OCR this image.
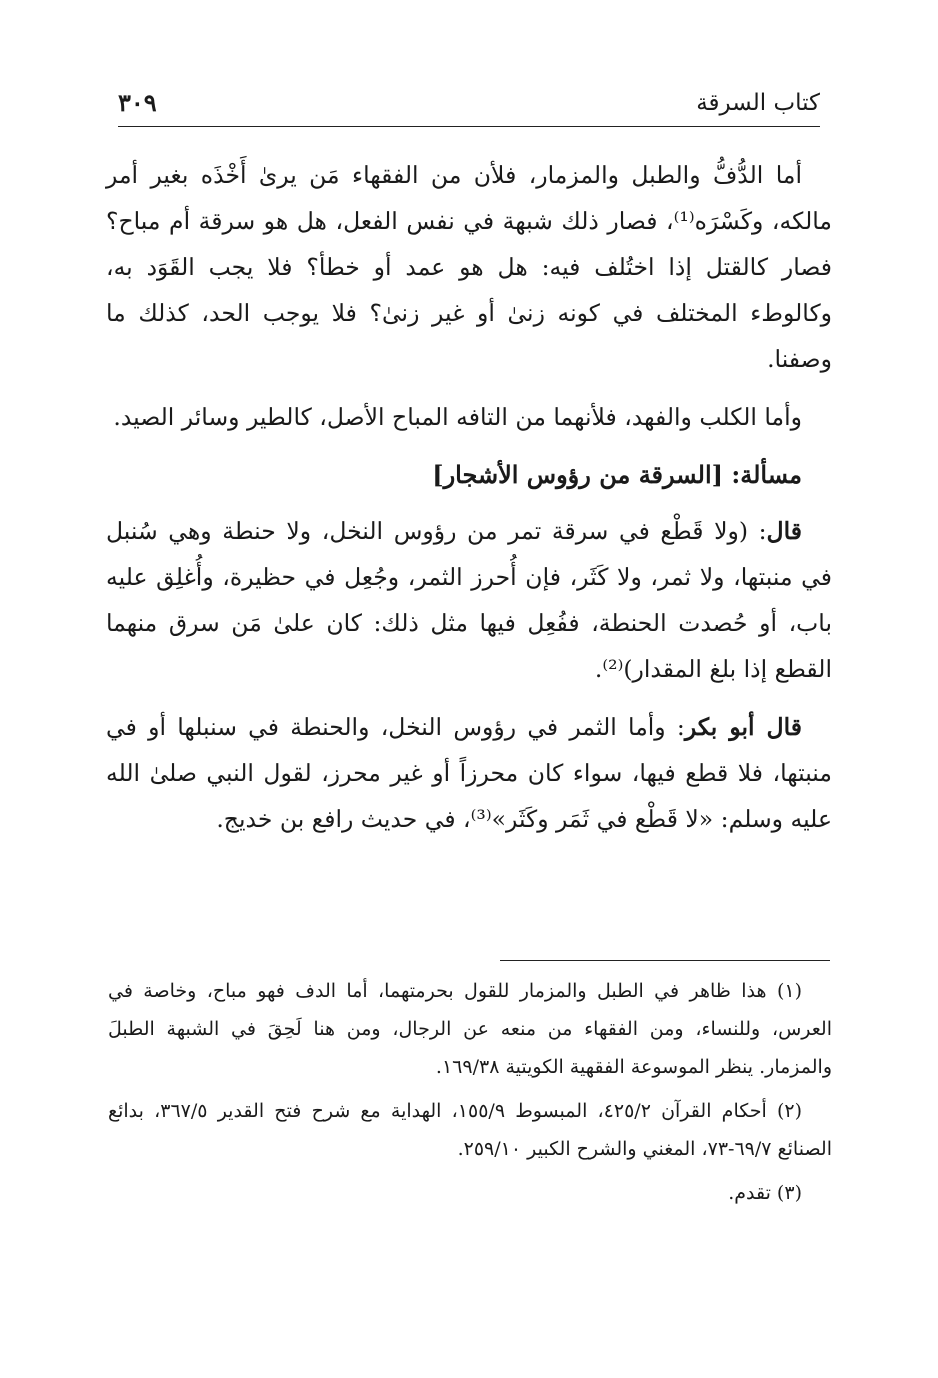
كتاب السرقة
٣٠٩

أما الدُّفُّ والطبل والمزمار، فلأن من الفقهاء مَن يرىٰ أَخْذَه بغير أمر مالكه، وكَسْرَه⁽¹⁾، فصار ذلك شبهة في نفس الفعل، هل هو سرقة أم مباح؟ فصار كالقتل إذا اختُلف فيه: هل هو عمد أو خطأ؟ فلا يجب القَوَد به، وكالوطء المختلف في كونه زنىٰ أو غير زنىٰ؟ فلا يوجب الحد، كذلك ما وصفنا.

وأما الكلب والفهد، فلأنهما من التافه المباح الأصل، كالطير وسائر الصيد.

مسألة: [السرقة من رؤوس الأشجار]

قال: (ولا قَطْع في سرقة تمر من رؤوس النخل، ولا حنطة وهي سُنبل في منبتها، ولا ثمر، ولا كَثَر، فإن أُحرز الثمر، وجُعِل في حظيرة، وأُغلِق عليه باب، أو حُصدت الحنطة، ففُعِل فيها مثل ذلك: كان علىٰ مَن سرق منهما القطع إذا بلغ المقدار)⁽²⁾.

قال أبو بكر: وأما الثمر في رؤوس النخل، والحنطة في سنبلها أو في منبتها، فلا قطع فيها، سواء كان محرزاً أو غير محرز، لقول النبي صلىٰ الله عليه وسلم: «لا قَطْع في ثَمَر وكَثَر»⁽³⁾، في حديث رافع بن خديج.

(١) هذا ظاهر في الطبل والمزمار للقول بحرمتهما، أما الدف فهو مباح، وخاصة في العرس، وللنساء، ومن الفقهاء من منعه عن الرجال، ومن هنا لَحِقَ في الشبهة الطبلَ والمزمار. ينظر الموسوعة الفقهية الكويتية ١٦٩/٣٨.

(٢) أحكام القرآن ٤٢٥/٢، المبسوط ١٥٥/٩، الهداية مع شرح فتح القدير ٣٦٧/٥، بدائع الصنائع ٦٩/٧-٧٣، المغني والشرح الكبير ٢٥٩/١٠.

(٣) تقدم.
